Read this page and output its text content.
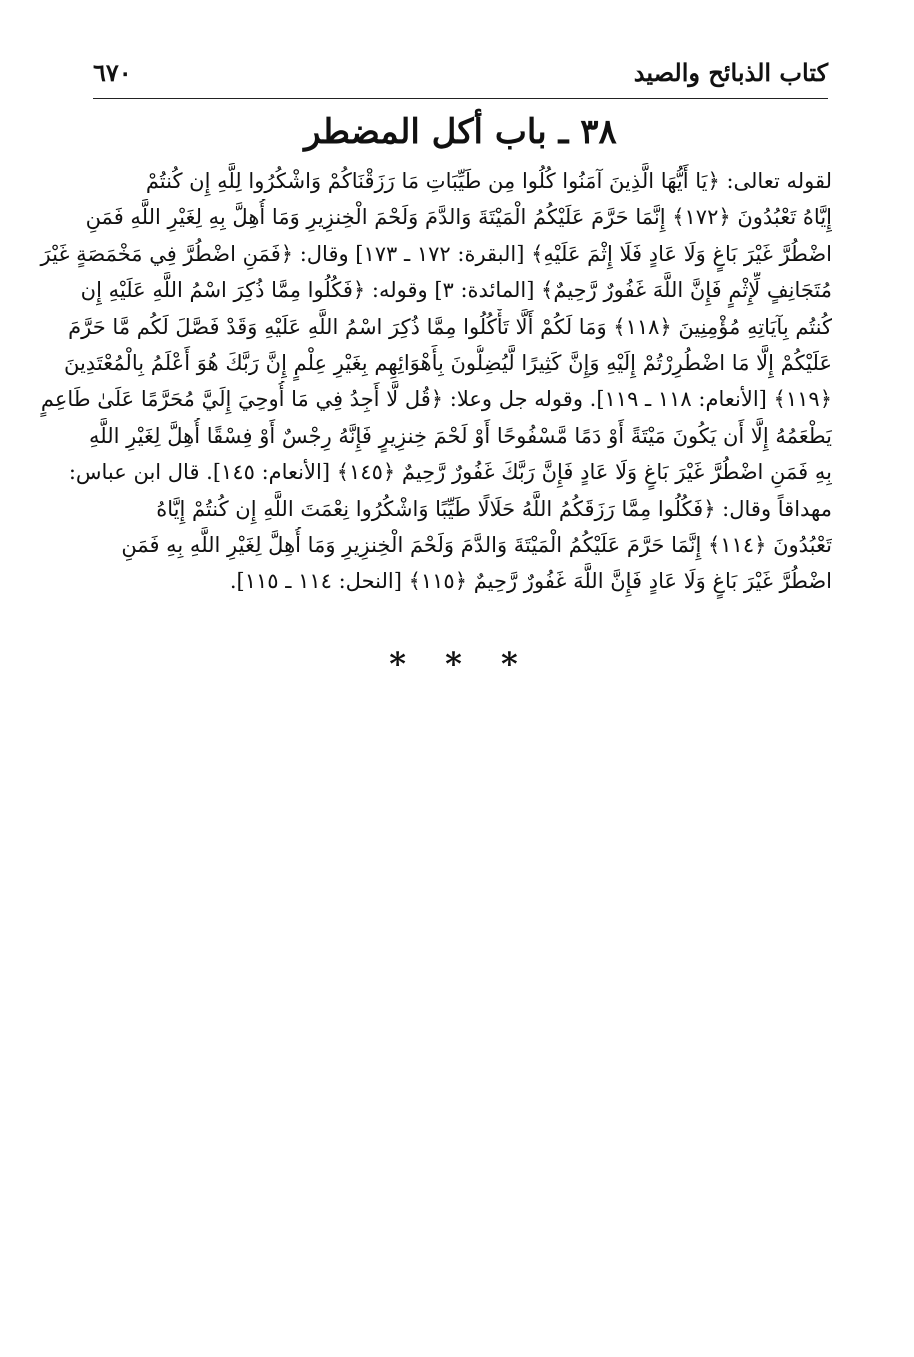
كتاب الذبائح والصيد
٦٧٠
٣٨ ـ باب أكل المضطر
لقوله تعالى: ﴿يَا أَيُّهَا الَّذِينَ آمَنُوا كُلُوا مِن طَيِّبَاتِ مَا رَزَقْنَاكُمْ وَاشْكُرُوا لِلَّهِ إِن كُنتُمْ
إِيَّاهُ تَعْبُدُونَ ﴿١٧٢﴾ إِنَّمَا حَرَّمَ عَلَيْكُمُ الْمَيْتَةَ وَالدَّمَ وَلَحْمَ الْخِنزِيرِ وَمَا أُهِلَّ بِهِ لِغَيْرِ اللَّهِ فَمَنِ
اضْطُرَّ غَيْرَ بَاغٍ وَلَا عَادٍ فَلَا إِثْمَ عَلَيْهِ﴾ [البقرة: ١٧٢ ـ ١٧٣] وقال: ﴿فَمَنِ اضْطُرَّ فِي مَخْمَصَةٍ غَيْرَ
مُتَجَانِفٍ لِّإِثْمٍ فَإِنَّ اللَّهَ غَفُورٌ رَّحِيمٌ﴾ [المائدة: ٣] وقوله: ﴿فَكُلُوا مِمَّا ذُكِرَ اسْمُ اللَّهِ عَلَيْهِ إِن
كُنتُم بِآيَاتِهِ مُؤْمِنِينَ ﴿١١٨﴾ وَمَا لَكُمْ أَلَّا تَأْكُلُوا مِمَّا ذُكِرَ اسْمُ اللَّهِ عَلَيْهِ وَقَدْ فَصَّلَ لَكُم مَّا حَرَّمَ
عَلَيْكُمْ إِلَّا مَا اضْطُرِرْتُمْ إِلَيْهِ وَإِنَّ كَثِيرًا لَّيُضِلُّونَ بِأَهْوَائِهِم بِغَيْرِ عِلْمٍ إِنَّ رَبَّكَ هُوَ أَعْلَمُ بِالْمُعْتَدِينَ
﴿١١٩﴾ [الأنعام: ١١٨ ـ ١١٩]. وقوله جل وعلا: ﴿قُل لَّا أَجِدُ فِي مَا أُوحِيَ إِلَيَّ مُحَرَّمًا عَلَىٰ طَاعِمٍ
يَطْعَمُهُ إِلَّا أَن يَكُونَ مَيْتَةً أَوْ دَمًا مَّسْفُوحًا أَوْ لَحْمَ خِنزِيرٍ فَإِنَّهُ رِجْسٌ أَوْ فِسْقًا أُهِلَّ لِغَيْرِ اللَّهِ
بِهِ فَمَنِ اضْطُرَّ غَيْرَ بَاغٍ وَلَا عَادٍ فَإِنَّ رَبَّكَ غَفُورٌ رَّحِيمٌ ﴿١٤٥﴾ [الأنعام: ١٤٥]. قال ابن عباس:
مهداقاً وقال: ﴿فَكُلُوا مِمَّا رَزَقَكُمُ اللَّهُ حَلَالًا طَيِّبًا وَاشْكُرُوا نِعْمَتَ اللَّهِ إِن كُنتُمْ إِيَّاهُ
تَعْبُدُونَ ﴿١١٤﴾ إِنَّمَا حَرَّمَ عَلَيْكُمُ الْمَيْتَةَ وَالدَّمَ وَلَحْمَ الْخِنزِيرِ وَمَا أُهِلَّ لِغَيْرِ اللَّهِ بِهِ فَمَنِ
اضْطُرَّ غَيْرَ بَاغٍ وَلَا عَادٍ فَإِنَّ اللَّهَ غَفُورٌ رَّحِيمٌ ﴿١١٥﴾ [النحل: ١١٤ ـ ١١٥].
* * *
